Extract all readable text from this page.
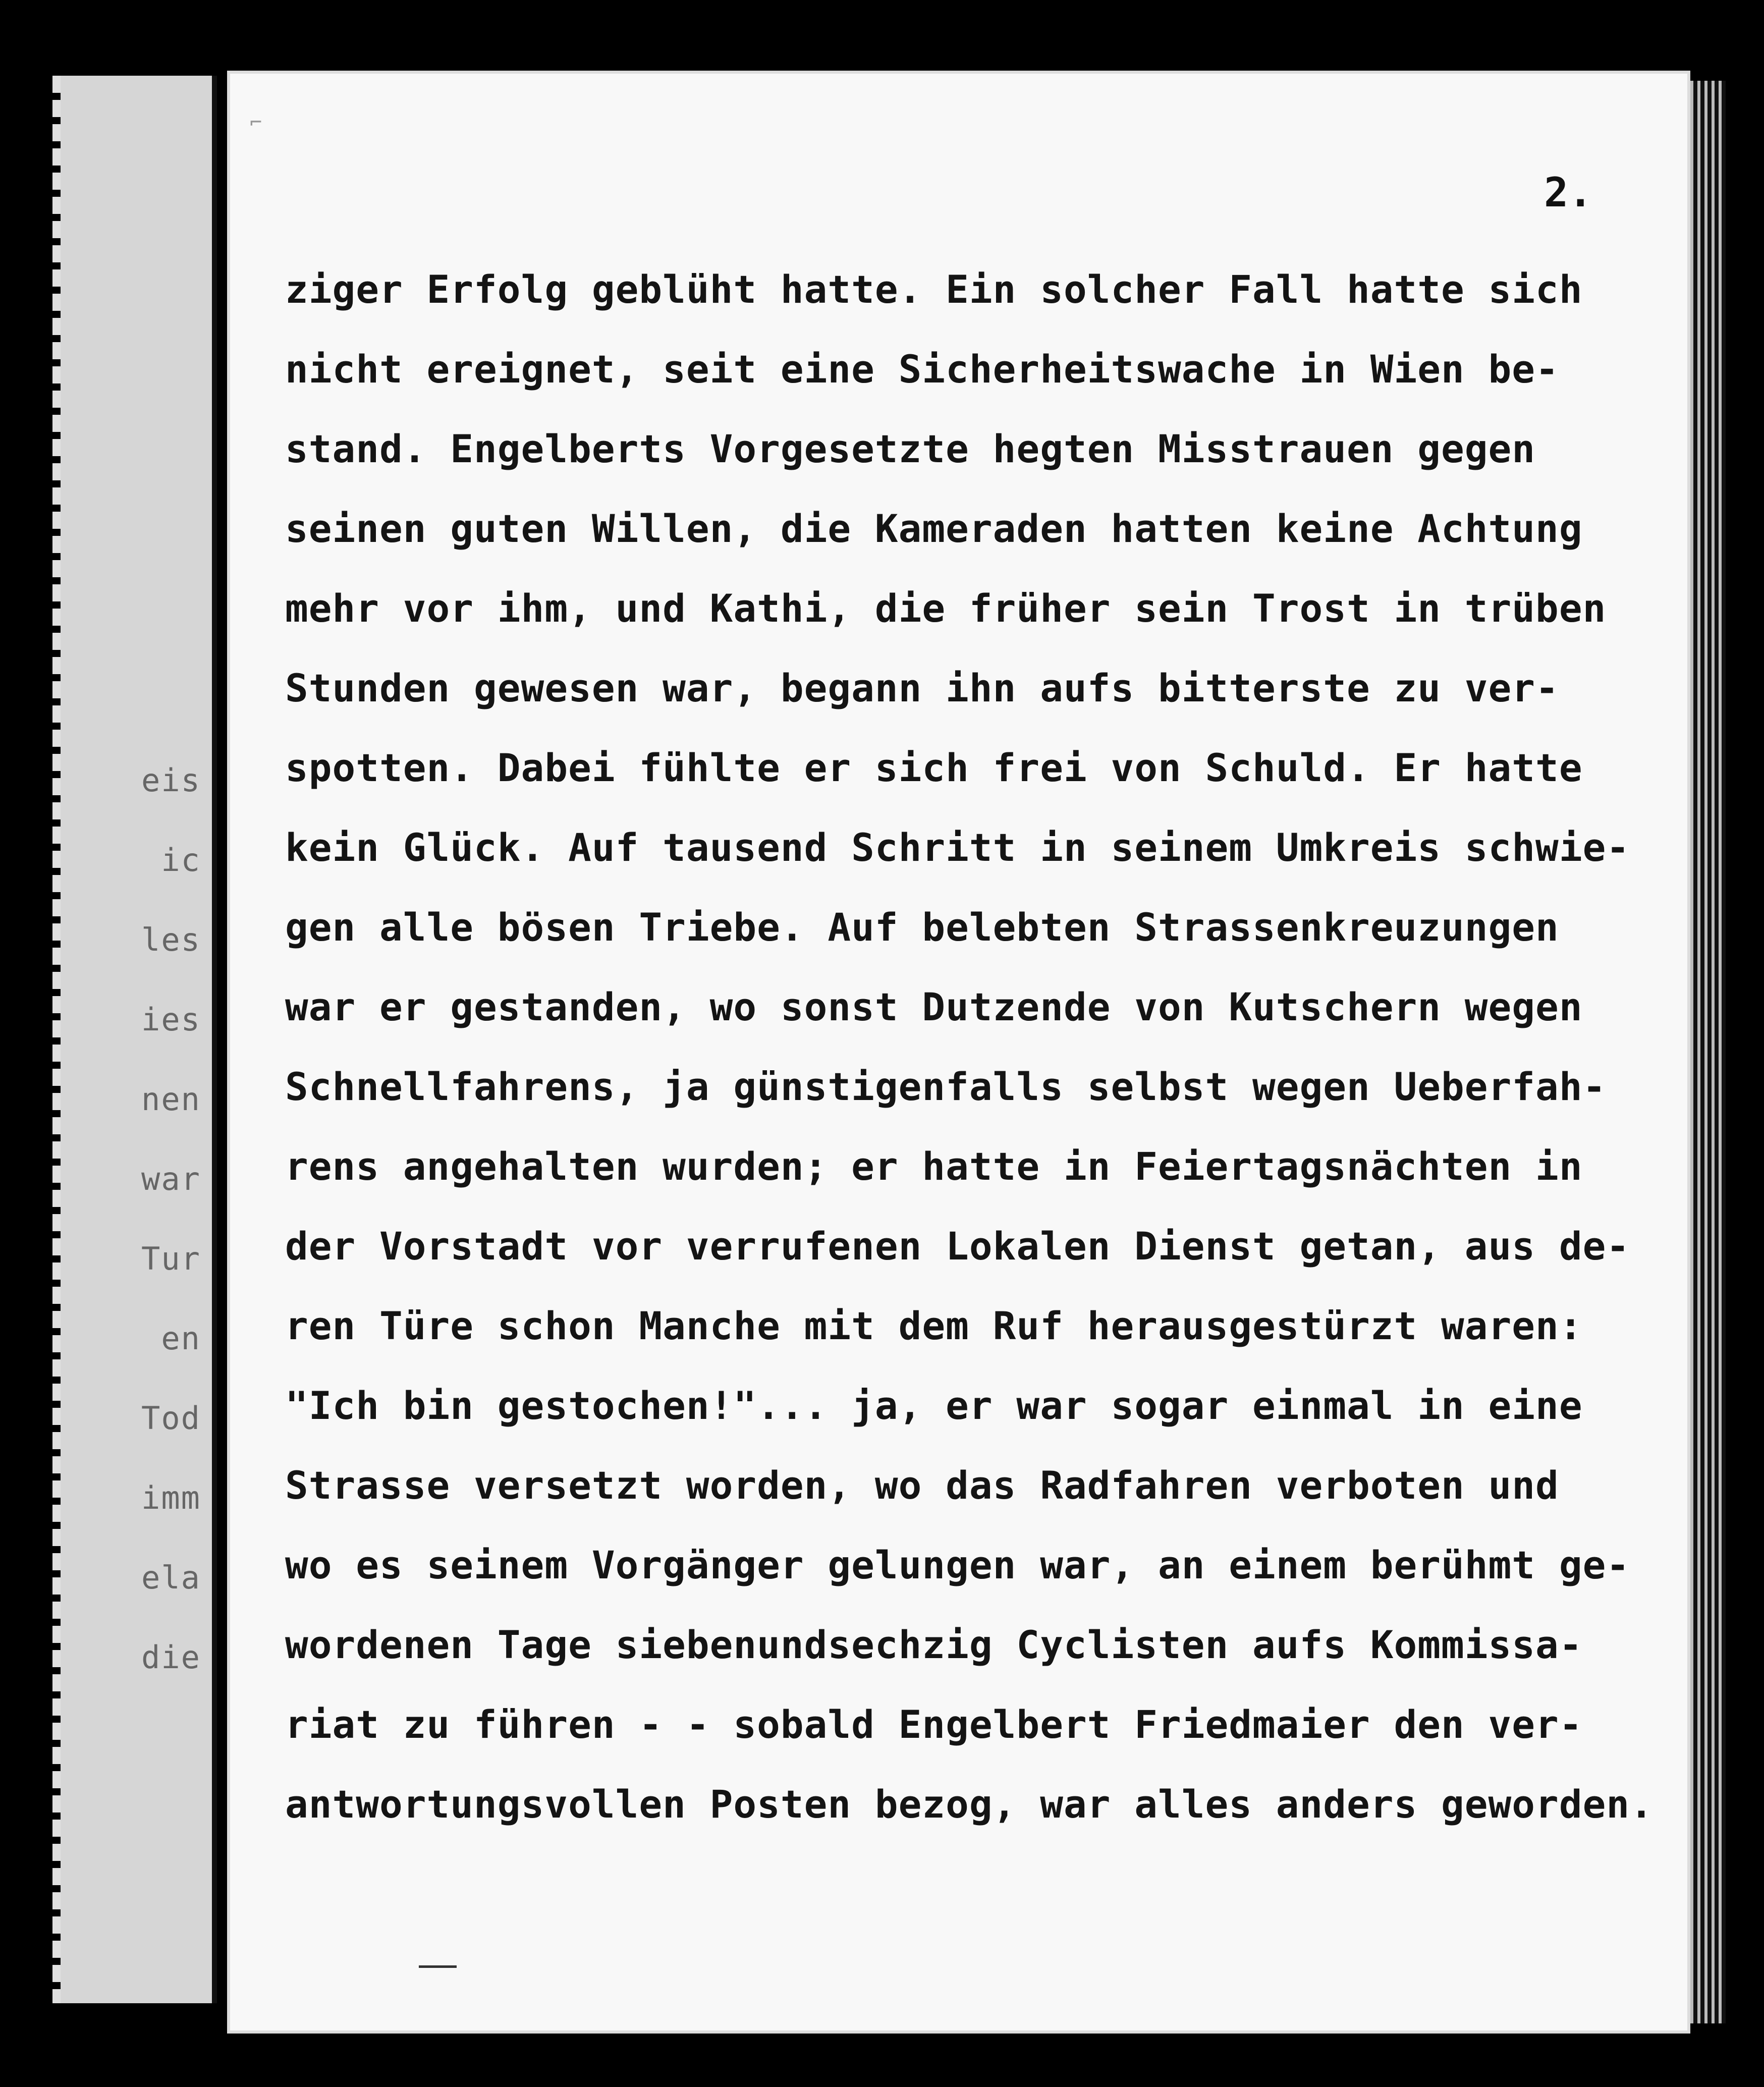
eis
ic
les
ies
nen
war
Tur
en
Tod
imm
ela
die
⌐
2.
ziger Erfolg geblüht hatte. Ein solcher Fall hatte sich
nicht ereignet, seit eine Sicherheitswache in Wien be-
stand. Engelberts Vorgesetzte hegten Misstrauen gegen
seinen guten Willen, die Kameraden hatten keine Achtung
mehr vor ihm, und Kathi, die früher sein Trost in trüben
Stunden gewesen war, begann ihn aufs bitterste zu ver-
spotten. Dabei fühlte er sich frei von Schuld. Er hatte
kein Glück. Auf tausend Schritt in seinem Umkreis schwie-
gen alle bösen Triebe. Auf belebten Strassenkreuzungen
war er gestanden, wo sonst Dutzende von Kutschern wegen
Schnellfahrens, ja günstigenfalls selbst wegen Ueberfah-
rens angehalten wurden; er hatte in Feiertagsnächten in
der Vorstadt vor verrufenen Lokalen Dienst getan, aus de-
ren Türe schon Manche mit dem Ruf herausgestürzt waren:
"Ich bin gestochen!"... ja, er war sogar einmal in eine
Strasse versetzt worden, wo das Radfahren verboten und
wo es seinem Vorgänger gelungen war, an einem berühmt ge-
wordenen Tage siebenundsechzig Cyclisten aufs Kommissa-
riat zu führen - - sobald Engelbert Friedmaier den ver-
antwortungsvollen Posten bezog, war alles anders geworden.
